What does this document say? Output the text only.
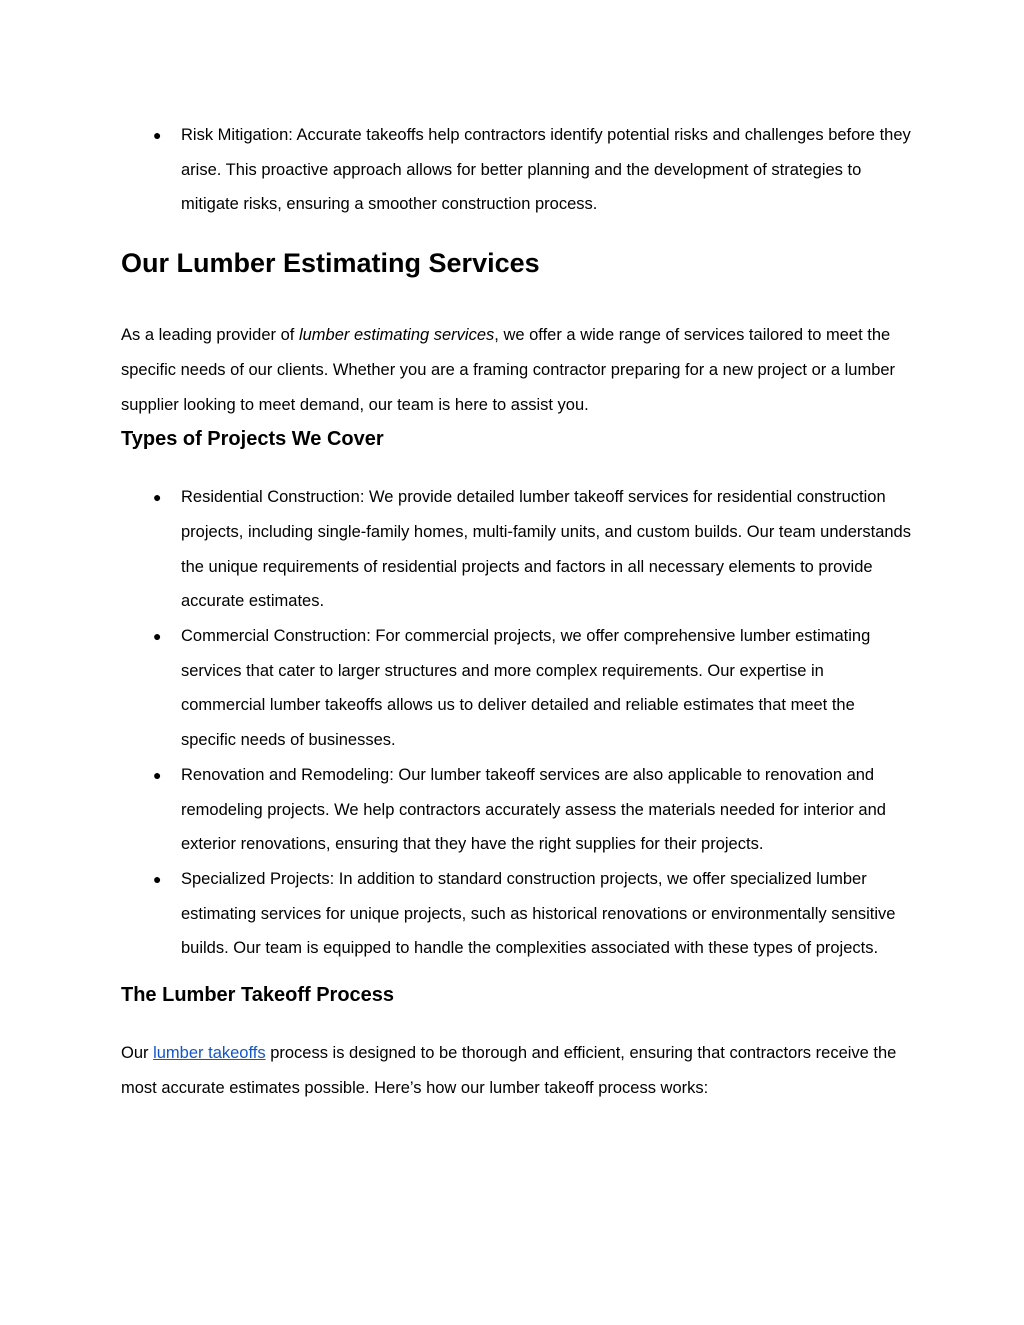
● Risk Mitigation: Accurate takeoffs help contractors identify potential risks and challenges before they arise. This proactive approach allows for better planning and the development of strategies to mitigate risks, ensuring a smoother construction process.
Our Lumber Estimating Services

As a leading provider of lumber estimating services, we offer a wide range of services tailored to meet the specific needs of our clients. Whether you are a framing contractor preparing for a new project or a lumber supplier looking to meet demand, our team is here to assist you.

Types of Projects We Cover
● Residential Construction: We provide detailed lumber takeoff services for residential construction projects, including single-family homes, multi-family units, and custom builds. Our team understands the unique requirements of residential projects and factors in all necessary elements to provide accurate estimates.
● Commercial Construction: For commercial projects, we offer comprehensive lumber estimating services that cater to larger structures and more complex requirements. Our expertise in commercial lumber takeoffs allows us to deliver detailed and reliable estimates that meet the specific needs of businesses.
● Renovation and Remodeling: Our lumber takeoff services are also applicable to renovation and remodeling projects. We help contractors accurately assess the materials needed for interior and exterior renovations, ensuring that they have the right supplies for their projects.
● Specialized Projects: In addition to standard construction projects, we offer specialized lumber estimating services for unique projects, such as historical renovations or environmentally sensitive builds. Our team is equipped to handle the complexities associated with these types of projects.
The Lumber Takeoff Process

Our lumber takeoffs process is designed to be thorough and efficient, ensuring that contractors receive the most accurate estimates possible. Here’s how our lumber takeoff process works:
